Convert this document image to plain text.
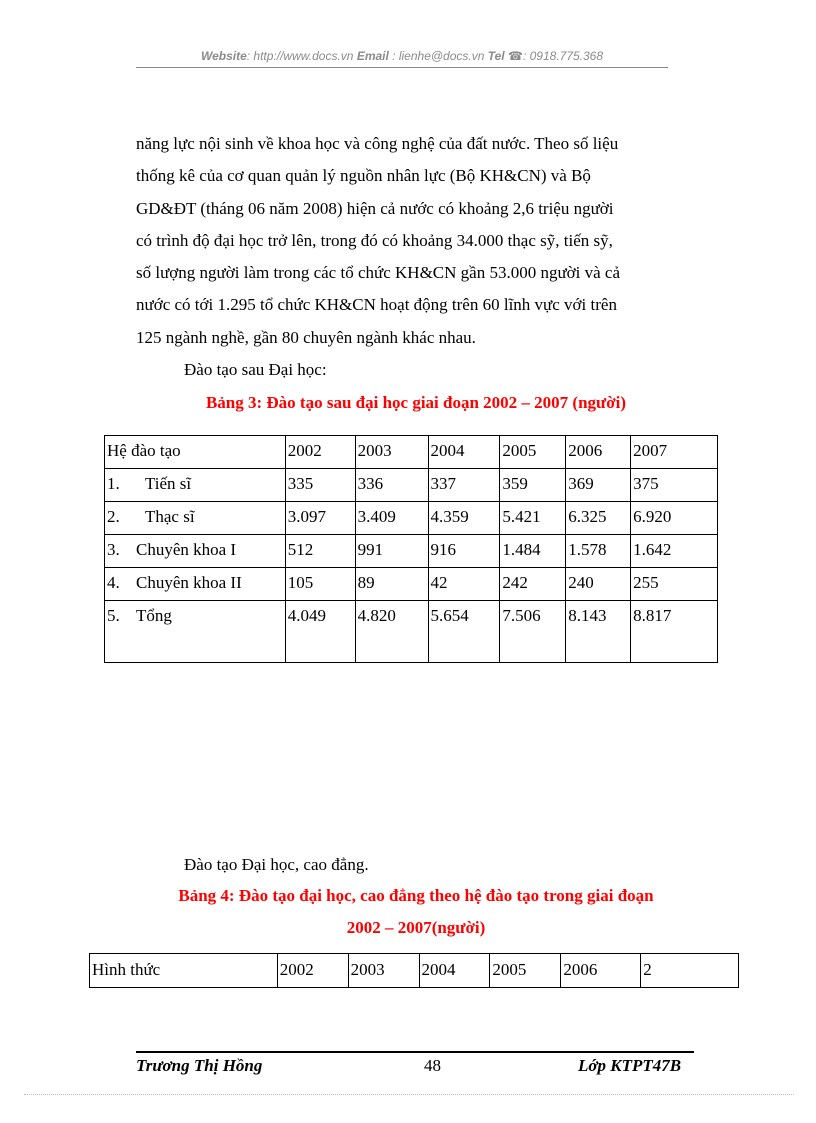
Website: http://www.docs.vn Email : lienhe@docs.vn Tel ☎: 0918.775.368
năng lực nội sinh về khoa học và công nghệ của đất nước. Theo số liệu
thống kê của cơ quan quản lý nguồn nhân lực (Bộ KH&CN) và Bộ
GD&ĐT (tháng 06 năm 2008) hiện cả nước có khoảng 2,6 triệu người
có trình độ đại học trở lên, trong đó có khoảng 34.000 thạc sỹ, tiến sỹ,
số lượng người làm trong các tổ chức KH&CN gần 53.000 người và cả
nước có tới 1.295 tổ chức KH&CN hoạt động trên 60 lĩnh vực với trên
125 ngành nghề, gần 80 chuyên ngành khác nhau.
Đào tạo sau Đại học:
Bảng 3: Đào tạo sau đại học giai đoạn 2002 – 2007 (người)
Hệ đào tạo	2002	2003	2004	2005	2006	2007
1. Tiến sĩ	335	336	337	359	369	375
2. Thạc sĩ	3.097	3.409	4.359	5.421	6.325	6.920
3. Chuyên khoa I	512	991	916	1.484	1.578	1.642
4. Chuyên khoa II	105	89	42	242	240	255
5. Tổng	4.049	4.820	5.654	7.506	8.143	8.817
Đào tạo Đại học, cao đẳng.
Bảng 4: Đào tạo đại học, cao đẳng theo hệ đào tạo trong giai đoạn
2002 – 2007(người)
Hình thức	2002	2003	2004	2005	2006	2
Trương Thị Hồng	48	Lớp KTPT47B
